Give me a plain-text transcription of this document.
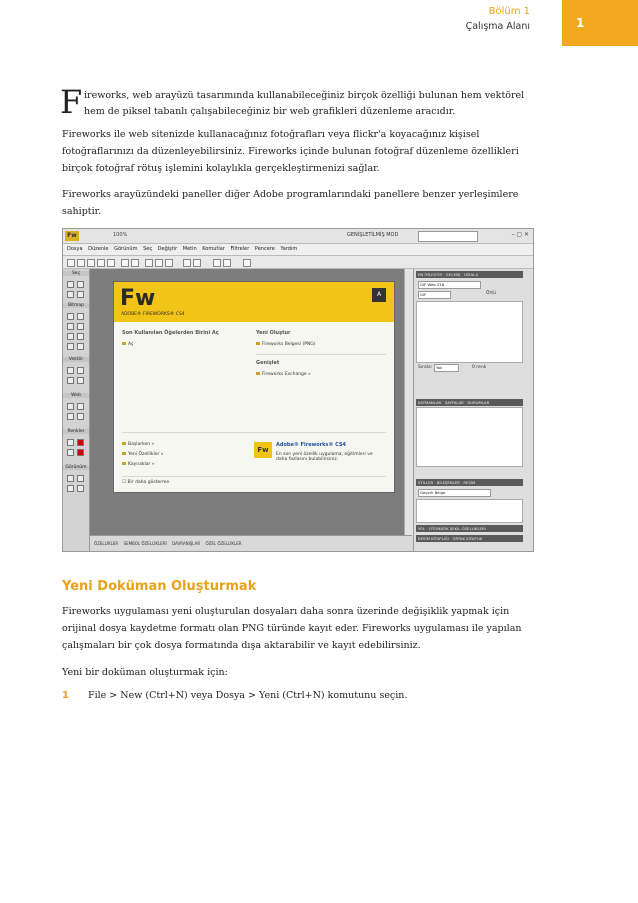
Bölüm 1
Çalışma Alanı	1
F ireworks, web arayüzü tasarımında kullanabileceğiniz birçok özelliği bulunan hem vektörel hem de piksel tabanlı çalışabileceğiniz bir web grafikleri düzenleme aracıdır.
Fireworks ile web sitenizde kullanacağınız fotoğrafları veya flickr'a koyacağınız kişisel fotoğraflarınızı da düzenleyebilirsiniz. Fireworks içinde bulunan fotoğraf düzenleme özellikleri birçok fotoğraf rötuş işlemini kolaylıkla gerçekleştirmenizi sağlar.
Fireworks arayüzündeki paneller diğer Adobe programlarındaki panellere benzer yerleşimlere sahiptir.
Fw	100%	GENİŞLETİLMİŞ MOD	– ▢ ✕
Dosya Düzenle Görünüm Seç Değiştir Metin Komutlar Filtreler Pencere Yardım
Seç
Bitmap
Vektör
Web
Renkler
Görünüm
Fw
ADOBE® FIREWORKS® CS4
A
Son Kullanılan Öğelerden Birini Aç
Aç
Yeni Oluştur
Fireworks Belgesi (PNG)
Genişlet
Fireworks Exchange »
Başlarken »
Yeni Özellikler »
Kaynaklar »
Fw
Adobe® Fireworks® CS4
En son yeni özellik uygulama, eğitimleri ve daha fazlasını bulabilirsiniz.
☐ Bir daha gösterme
ÖZELLİKLER SEMBOL ÖZELLİKLERİ DAVRANIŞLAR ÖZEL ÖZELLİKLER
EN İYİLEŞTİR · GEÇMİŞ · HİZALA
GIF Web 216
GIF	Örtü
Sırala: Yok	0 renk
KATMANLAR · SAYFALAR · DURUMLAR
STİLLER · BİLEŞENLER · RESİM
Geçerli Belge
YOL · OTOMATİK ŞEKİL ÖZELLİKLERİ
RESİM KİTAPLIĞI · ORTAK KİTAPLIK
Yeni Doküman Oluşturmak
Fireworks uygulaması yeni oluşturulan dosyaları daha sonra üzerinde değişiklik yapmak için orijinal dosya kaydetme formatı olan PNG türünde kayıt eder. Fireworks uygulaması ile yapılan çalışmaları bir çok dosya formatında dışa aktarabilir ve kayıt edebilirsiniz.
Yeni bir doküman oluşturmak için:
1 File > New (Ctrl+N) veya Dosya > Yeni (Ctrl+N) komutunu seçin.
